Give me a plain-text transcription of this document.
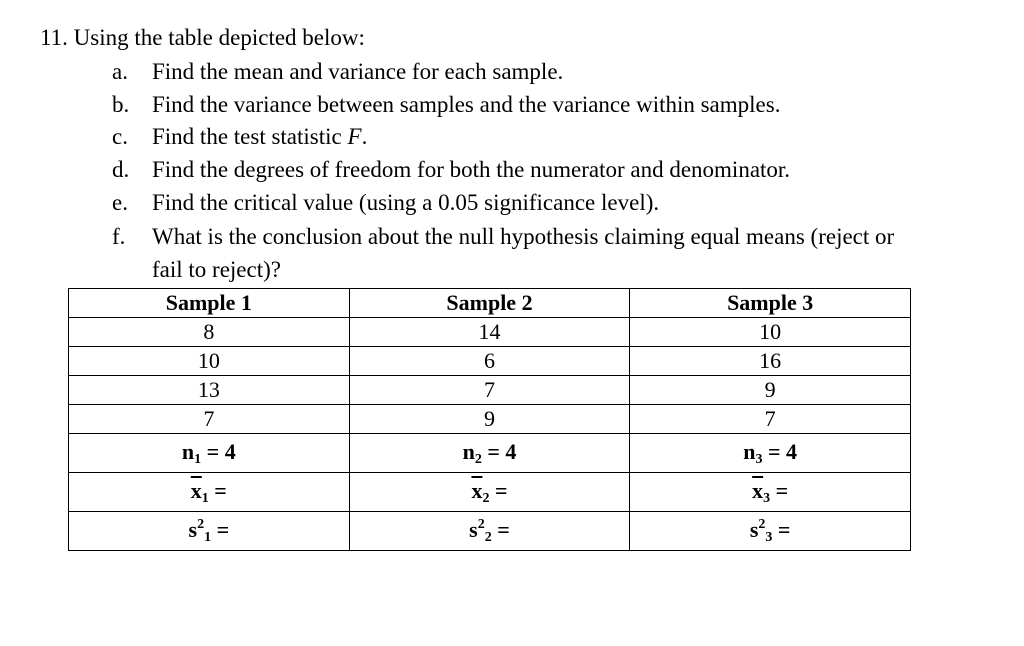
11. Using the table depicted below:
a.	Find the mean and variance for each sample.
b. Find the variance between samples and the variance within samples.
c.	Find the test statistic F.
d. Find the degrees of freedom for both the numerator and denominator.
e.	Find the critical value (using a 0.05 significance level).
f.	What is the conclusion about the null hypothesis claiming equal means (reject or
fail to reject)?
Sample 1	Sample 2	Sample 3
8	14	10
10	6	16
13	7	9
7	9	7
$n_1 = 4$	$n_2 = 4$	$n_3 = 4$
$\overline{x}_1$ =	$\overline{x}_2$ =	$\overline{x}_3$ =
$s^2_1$ =	$s^2_2$ =	$s^2_3$ =
